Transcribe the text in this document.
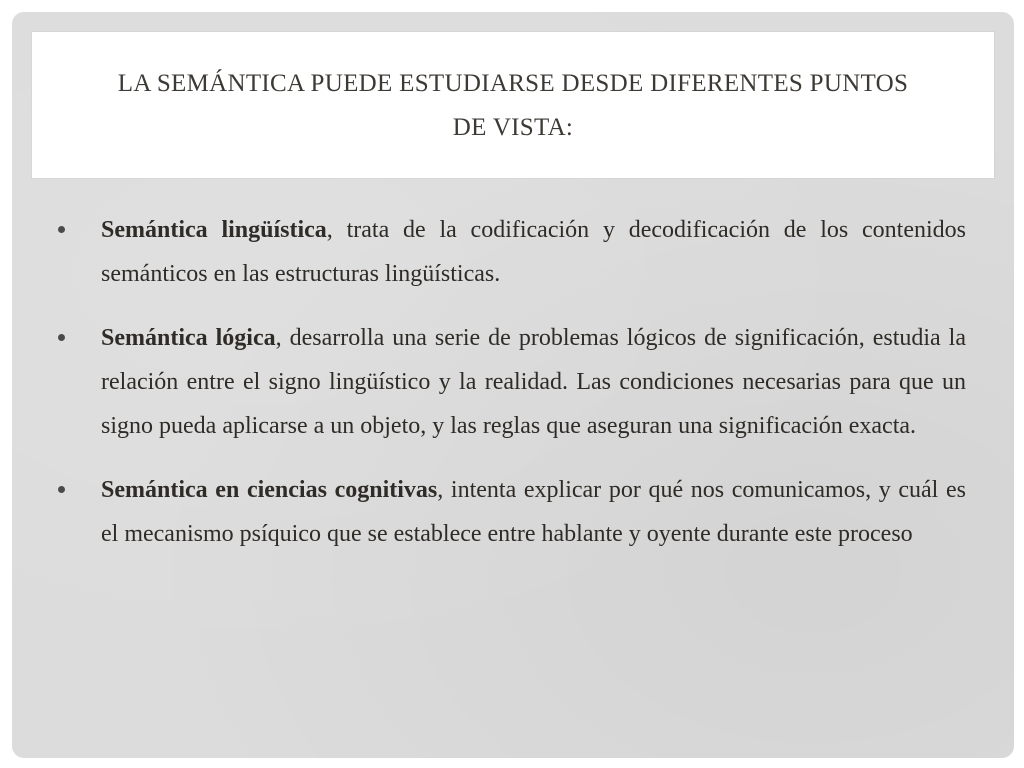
LA SEMÁNTICA PUEDE ESTUDIARSE DESDE DIFERENTES PUNTOS
DE VISTA:
Semántica lingüística, trata de la codificación y decodificación de los contenidos semánticos en las estructuras lingüísticas.
Semántica lógica, desarrolla una serie de problemas lógicos de significación, estudia la relación entre el signo lingüístico y la realidad. Las condiciones necesarias para que un signo pueda aplicarse a un objeto, y las reglas que aseguran una significación exacta.
Semántica en ciencias cognitivas, intenta explicar por qué nos comunicamos, y cuál es el mecanismo psíquico que se establece entre hablante y oyente durante este proceso
